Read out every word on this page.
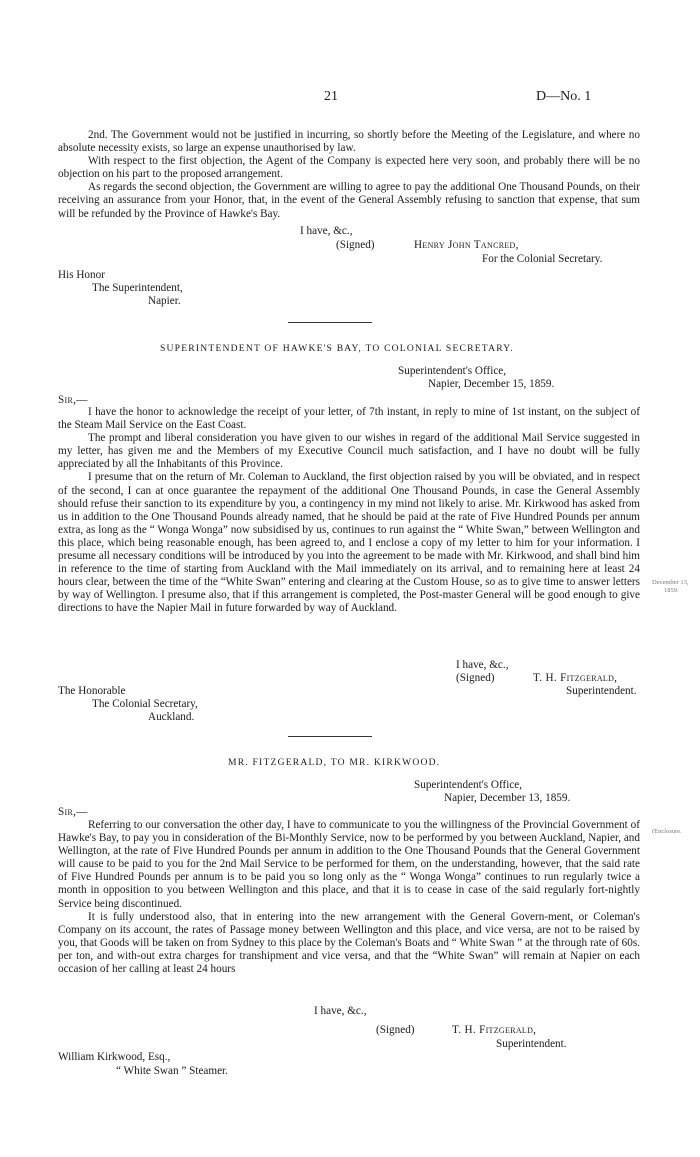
21	D—No. 1

2nd. The Government would not be justified in incurring, so shortly before the Meeting of the Legislature, and where no absolute necessity exists, so large an expense unauthorised by law.

With respect to the first objection, the Agent of the Company is expected here very soon, and probably there will be no objection on his part to the proposed arrangement.

As regards the second objection, the Government are willing to agree to pay the additional One Thousand Pounds, on their receiving an assurance from your Honor, that, in the event of the General Assembly refusing to sanction that expense, that sum will be refunded by the Province of Hawke's Bay.

I have, &c.,
(Signed)	Henry John Tancred,
For the Colonial Secretary.
His Honor
The Superintendent,
Napier.
SUPERINTENDENT OF HAWKE'S BAY, TO COLONIAL SECRETARY.
Superintendent's Office,
Napier, December 15, 1859.
Sir,—

I have the honor to acknowledge the receipt of your letter, of 7th instant, in reply to mine of 1st instant, on the subject of the Steam Mail Service on the East Coast.

The prompt and liberal consideration you have given to our wishes in regard of the additional Mail Service suggested in my letter, has given me and the Members of my Executive Council much satisfaction, and I have no doubt will be fully appreciated by all the Inhabitants of this Province.

I presume that on the return of Mr. Coleman to Auckland, the first objection raised by you will be obviated, and in respect of the second, I can at once guarantee the repayment of the additional One Thousand Pounds, in case the General Assembly should refuse their sanction to its expenditure by you, a contingency in my mind not likely to arise. Mr. Kirkwood has asked from us in addition to the One Thousand Pounds already named, that he should be paid at the rate of Five Hundred Pounds per annum extra, as long as the “ Wonga Wonga” now subsidised by us, continues to run against the “ White Swan,” between Wellington and this place, which being reasonable enough, has been agreed to, and I enclose a copy of my letter to him for your information. I presume all necessary conditions will be introduced by you into the agreement to be made with Mr. Kirkwood, and shall bind him in reference to the time of starting from Auckland with the Mail immediately on its arrival, and to remaining here at least 24 hours clear, between the time of the “White Swan” entering and clearing at the Custom House, so as to give time to answer letters by way of Wellington. I presume also, that if this arrangement is completed, the Post-master General will be good enough to give directions to have the Napier Mail in future forwarded by way of Auckland.

December 13,
1859.
I have, &c.,
(Signed)	T. H. Fitzgerald,
Superintendent.
The Honorable
The Colonial Secretary,
Auckland.
MR. FITZGERALD, TO MR. KIRKWOOD.
Superintendent's Office,
Napier, December 13, 1859.
Sir,—

Referring to our conversation the other day, I have to communicate to you the willingness of the Provincial Government of Hawke's Bay, to pay you in consideration of the Bi-Monthly Service, now to be performed by you between Auckland, Napier, and Wellington, at the rate of Five Hundred Pounds per annum in addition to the One Thousand Pounds that the General Government will cause to be paid to you for the 2nd Mail Service to be performed for them, on the understanding, however, that the said rate of Five Hundred Pounds per annum is to be paid you so long only as the “ Wonga Wonga” continues to run regularly twice a month in opposition to you between Wellington and this place, and that it is to cease in case of the said regularly fort-nightly Service being discontinued.

It is fully understood also, that in entering into the new arrangement with the General Govern-ment, or Coleman's Company on its account, the rates of Passage money between Wellington and this place, and vice versa, are not to be raised by you, that Goods will be taken on from Sydney to this place by the Coleman's Boats and “ White Swan ” at the through rate of 60s. per ton, and with-out extra charges for transhipment and vice versa, and that the “White Swan” will remain at Napier on each occasion of her calling at least 24 hours

(Enclosure.
I have, &c.,
(Signed)	T. H. Fitzgerald,
Superintendent.
William Kirkwood, Esq.,
“ White Swan ” Steamer.
